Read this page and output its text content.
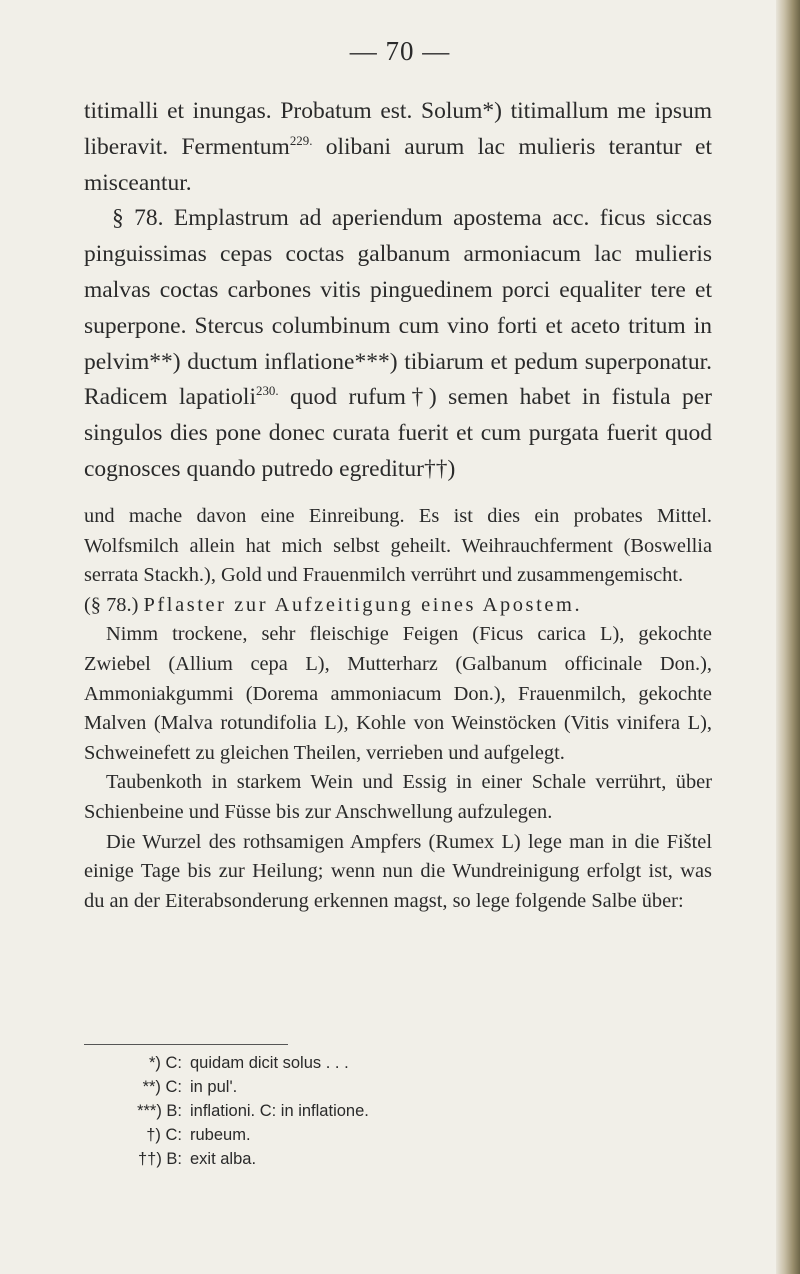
— 70 —

titimalli et inungas. Probatum est. Solum*) titimallum me ipsum liberavit. Fermentum$^{229.}$ olibani aurum lac mulieris terantur et misceantur.

§ 78. Emplastrum ad aperiendum apostema acc. ficus siccas pinguissimas cepas coctas galbanum armoniacum lac mulieris malvas coctas carbones vitis pinguedinem porci equaliter tere et superpone. Stercus columbinum cum vino forti et aceto tritum in pelvim**) ductum inflatione***) tibiarum et pedum superponatur. Radicem lapatioli$^{230.}$ quod rufum†) semen habet in fistula per singulos dies pone donec curata fuerit et cum purgata fuerit quod cognosces quando putredo egreditur††)

und mache davon eine Einreibung. Es ist dies ein probates Mittel. Wolfsmilch allein hat mich selbst geheilt. Weihrauchferment (Boswellia serrata Stackh.), Gold und Frauenmilch verrührt und zusammengemischt.

(§ 78.) Pflaster zur Aufzeitigung eines Apostem.

Nimm trockene, sehr fleischige Feigen (Ficus carica L), gekochte Zwiebel (Allium cepa L), Mutterharz (Galbanum officinale Don.), Ammoniakgummi (Dorema ammoniacum Don.), Frauenmilch, gekochte Malven (Malva rotundifolia L), Kohle von Weinstöcken (Vitis vinifera L), Schweinefett zu gleichen Theilen, verrieben und aufgelegt.

Taubenkoth in starkem Wein und Essig in einer Schale verrührt, über Schienbeine und Füsse bis zur Anschwellung aufzulegen.

Die Wurzel des rothsamigen Ampfers (Rumex L) lege man in die Fištel einige Tage bis zur Heilung; wenn nun die Wundreinigung erfolgt ist, was du an der Eiterabsonderung erkennen magst, so lege folgende Salbe über:

*) C: quidam dicit solus . . .
**) C: in pul'.
***) B: inflationi. C: in inflatione.
†) C: rubeum.
††) B: exit alba.
